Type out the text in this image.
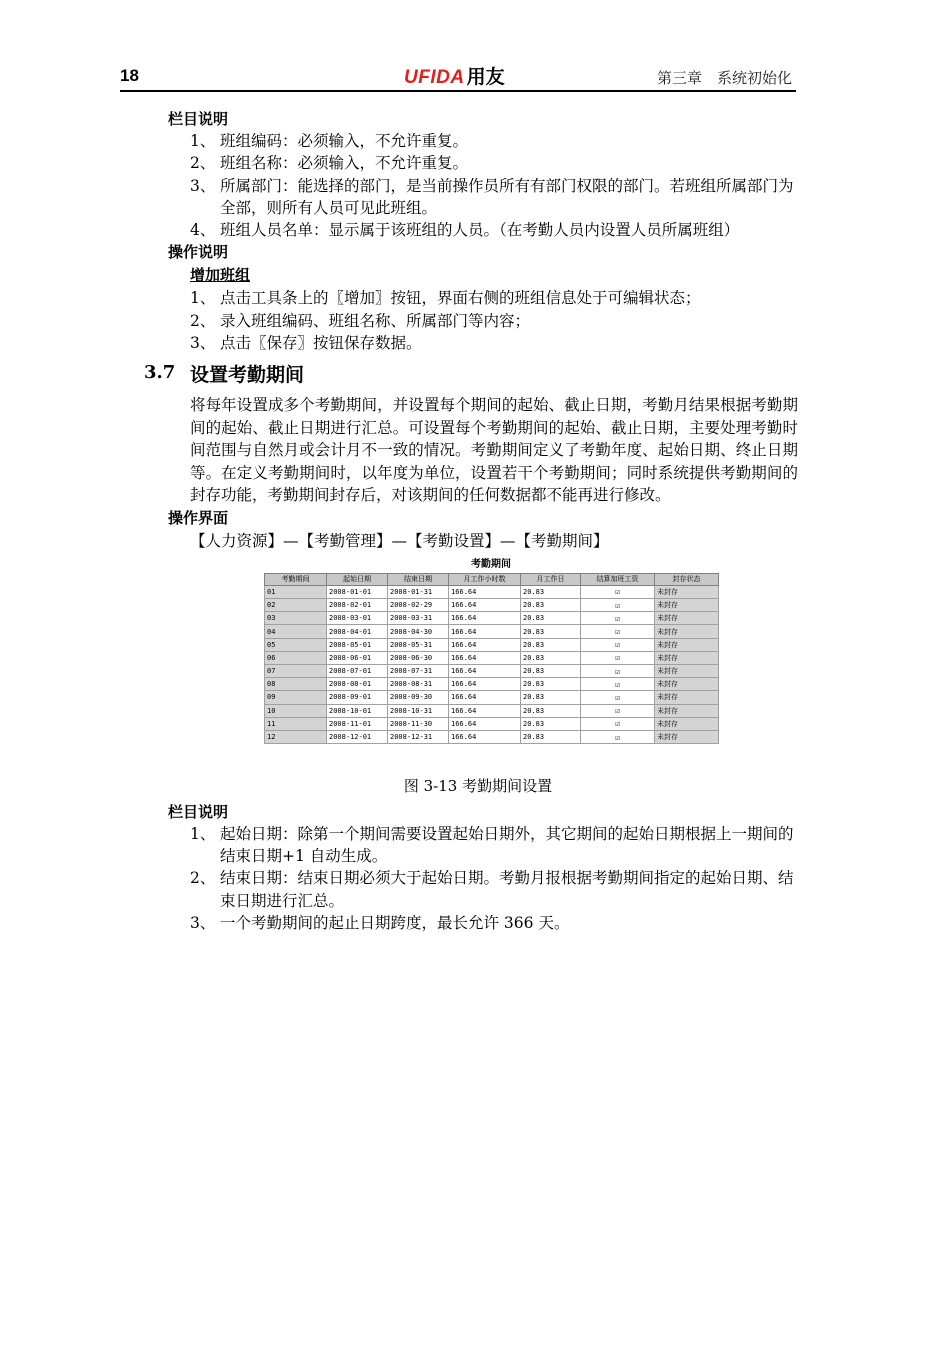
18	UFIDA 用友	第三章　系统初始化

栏目说明

1、 班组编码：必须输入，不允许重复。
2、 班组名称：必须输入，不允许重复。
3、 所属部门：能选择的部门，是当前操作员所有有部门权限的部门。若班组所属部门为全部，则所有人员可见此班组。
4、 班组人员名单：显示属于该班组的人员。（在考勤人员内设置人员所属班组）

操作说明

增加班组
1、 点击工具条上的〖增加〗按钮，界面右侧的班组信息处于可编辑状态；
2、 录入班组编码、班组名称、所属部门等内容；
3、 点击〖保存〗按钮保存数据。
3.7 设置考勤期间

将每年设置成多个考勤期间，并设置每个期间的起始、截止日期，考勤月结果根据考勤期间的起始、截止日期进行汇总。可设置每个考勤期间的起始、截止日期，主要处理考勤时间范围与自然月或会计月不一致的情况。考勤期间定义了考勤年度、起始日期、终止日期等。在定义考勤期间时，以年度为单位，设置若干个考勤期间；同时系统提供考勤期间的封存功能，考勤期间封存后，对该期间的任何数据都不能再进行修改。

操作界面

【人力资源】—【考勤管理】—【考勤设置】—【考勤期间】

考勤期间
考勤期间	起始日期	结束日期	月工作小时数	月工作日	结算加班工资	封存状态
01	2008-01-01	2008-01-31	166.64	20.83	☑	未封存
02	2008-02-01	2008-02-29	166.64	20.83	☑	未封存
03	2008-03-01	2008-03-31	166.64	20.83	☑	未封存
04	2008-04-01	2008-04-30	166.64	20.83	☑	未封存
05	2008-05-01	2008-05-31	166.64	20.83	☑	未封存
06	2008-06-01	2008-06-30	166.64	20.83	☑	未封存
07	2008-07-01	2008-07-31	166.64	20.83	☑	未封存
08	2008-08-01	2008-08-31	166.64	20.83	☑	未封存
09	2008-09-01	2008-09-30	166.64	20.83	☑	未封存
10	2008-10-01	2008-10-31	166.64	20.83	☑	未封存
11	2008-11-01	2008-11-30	166.64	20.83	☑	未封存
12	2008-12-01	2008-12-31	166.64	20.83	☑	未封存

图 3-13 考勤期间设置

栏目说明

1、 起始日期：除第一个期间需要设置起始日期外，其它期间的起始日期根据上一期间的结束日期+1 自动生成。
2、 结束日期：结束日期必须大于起始日期。考勤月报根据考勤期间指定的起始日期、结束日期进行汇总。
3、 一个考勤期间的起止日期跨度，最长允许 366 天。
